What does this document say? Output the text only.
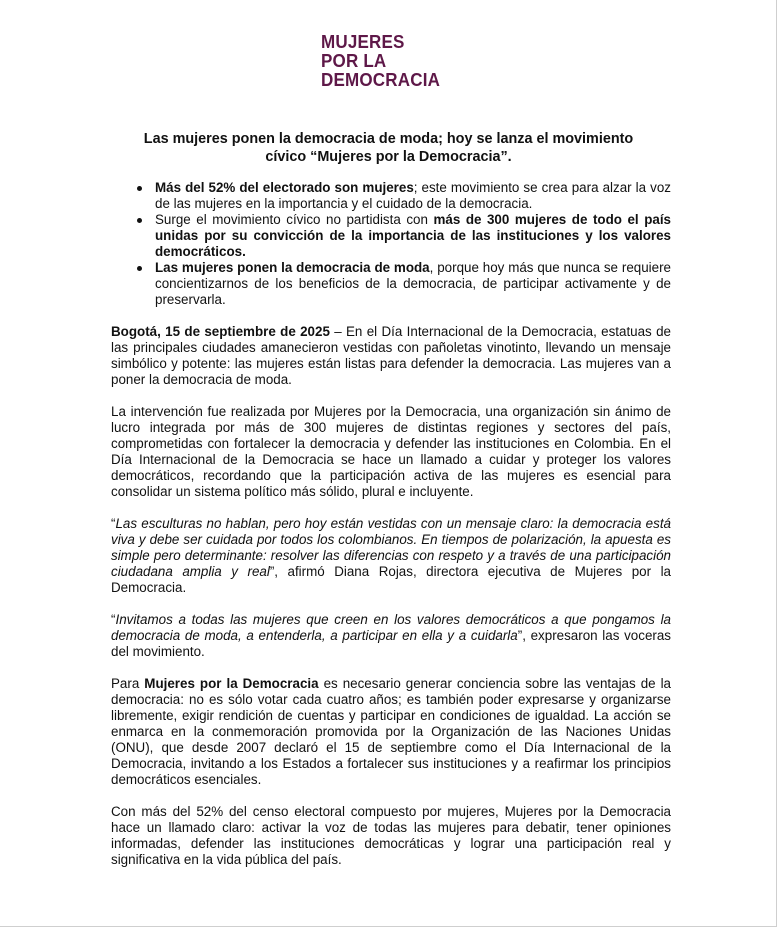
MUJERES
POR LA
DEMOCRACIA
Las mujeres ponen la democracia de moda; hoy se lanza el movimiento
cívico “Mujeres por la Democracia”.
Más del 52% del electorado son mujeres; este movimiento se crea para alzar la voz de las mujeres en la importancia y el cuidado de la democracia.
Surge el movimiento cívico no partidista con más de 300 mujeres de todo el país unidas por su convicción de la importancia de las instituciones y los valores democráticos.
Las mujeres ponen la democracia de moda, porque hoy más que nunca se requiere concientizarnos de los beneficios de la democracia, de participar activamente y de preservarla.

Bogotá, 15 de septiembre de 2025 – En el Día Internacional de la Democracia, estatuas de las principales ciudades amanecieron vestidas con pañoletas vinotinto, llevando un mensaje simbólico y potente: las mujeres están listas para defender la democracia. Las mujeres van a poner la democracia de moda.

La intervención fue realizada por Mujeres por la Democracia, una organización sin ánimo de lucro integrada por más de 300 mujeres de distintas regiones y sectores del país, comprometidas con fortalecer la democracia y defender las instituciones en Colombia. En el Día Internacional de la Democracia se hace un llamado a cuidar y proteger los valores democráticos, recordando que la participación activa de las mujeres es esencial para consolidar un sistema político más sólido, plural e incluyente.

“Las esculturas no hablan, pero hoy están vestidas con un mensaje claro: la democracia está viva y debe ser cuidada por todos los colombianos. En tiempos de polarización, la apuesta es simple pero determinante: resolver las diferencias con respeto y a través de una participación ciudadana amplia y real”, afirmó Diana Rojas, directora ejecutiva de Mujeres por la Democracia.

“Invitamos a todas las mujeres que creen en los valores democráticos a que pongamos la democracia de moda, a entenderla, a participar en ella y a cuidarla”, expresaron las voceras del movimiento.

Para Mujeres por la Democracia es necesario generar conciencia sobre las ventajas de la democracia: no es sólo votar cada cuatro años; es también poder expresarse y organizarse libremente, exigir rendición de cuentas y participar en condiciones de igualdad. La acción se enmarca en la conmemoración promovida por la Organización de las Naciones Unidas (ONU), que desde 2007 declaró el 15 de septiembre como el Día Internacional de la Democracia, invitando a los Estados a fortalecer sus instituciones y a reafirmar los principios democráticos esenciales.

Con más del 52% del censo electoral compuesto por mujeres, Mujeres por la Democracia hace un llamado claro: activar la voz de todas las mujeres para debatir, tener opiniones informadas, defender las instituciones democráticas y lograr una participación real y significativa en la vida pública del país.
